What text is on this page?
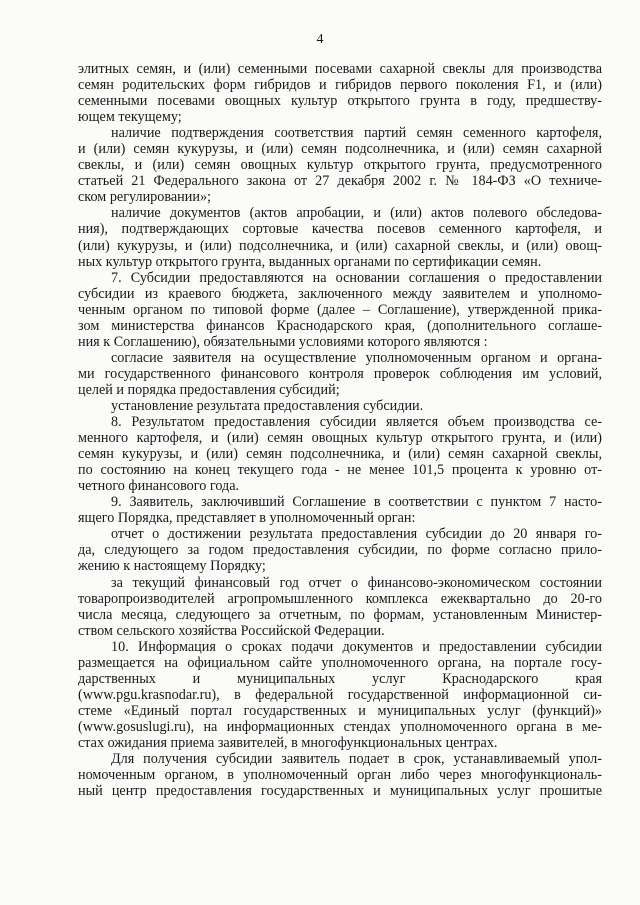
4

элитных семян, и (или) семенными посевами сахарной свеклы для производства
семян родительских форм гибридов и гибридов первого поколения F1, и (или)
семенными посевами овощных культур открытого грунта в году, предшеству-
ющем текущему;

наличие подтверждения соответствия партий семян семенного картофеля,
и (или) семян кукурузы, и (или) семян подсолнечника, и (или) семян сахарной
свеклы, и (или) семян овощных культур открытого грунта, предусмотренного
статьей 21 Федерального закона от 27 декабря 2002 г. № 184-ФЗ «О техниче-
ском регулировании»;

наличие документов (актов апробации, и (или) актов полевого обследова-
ния), подтверждающих сортовые качества посевов семенного картофеля, и
(или) кукурузы, и (или) подсолнечника, и (или) сахарной свеклы, и (или) овощ-
ных культур открытого грунта, выданных органами по сертификации семян.

7. Субсидии предоставляются на основании соглашения о предоставлении
субсидии из краевого бюджета, заключенного между заявителем и уполномо-
ченным органом по типовой форме (далее – Соглашение), утвержденной прика-
зом министерства финансов Краснодарского края, (дополнительного соглаше-
ния к Соглашению), обязательными условиями которого являются :

согласие заявителя на осуществление уполномоченным органом и органа-
ми государственного финансового контроля проверок соблюдения им условий,
целей и порядка предоставления субсидий;

установление результата предоставления субсидии.

8. Результатом предоставления субсидии является объем производства се-
менного картофеля, и (или) семян овощных культур открытого грунта, и (или)
семян кукурузы, и (или) семян подсолнечника, и (или) семян сахарной свеклы,
по состоянию на конец текущего года - не менее 101,5 процента к уровню от-
четного финансового года.

9. Заявитель, заключивший Соглашение в соответствии с пунктом 7 насто-
ящего Порядка, представляет в уполномоченный орган:

отчет о достижении результата предоставления субсидии до 20 января го-
да, следующего за годом предоставления субсидии, по форме согласно прило-
жению к настоящему Порядку;

за текущий финансовый год отчет о финансово-экономическом состоянии
товаропроизводителей агропромышленного комплекса ежеквартально до 20-го
числа месяца, следующего за отчетным, по формам, установленным Министер-
ством сельского хозяйства Российской Федерации.

10. Информация о сроках подачи документов и предоставлении субсидии
размещается на официальном сайте уполномоченного органа, на портале госу-
дарственных и муниципальных услуг Краснодарского края
(www.pgu.krasnodar.ru), в федеральной государственной информационной си-
стеме «Единый портал государственных и муниципальных услуг (функций)»
(www.gosuslugi.ru), на информационных стендах уполномоченного органа в ме-
стах ожидания приема заявителей, в многофункциональных центрах.

Для получения субсидии заявитель подает в срок, устанавливаемый упол-
номоченным органом, в уполномоченный орган либо через многофункциональ-
ный центр предоставления государственных и муниципальных услуг прошитые
